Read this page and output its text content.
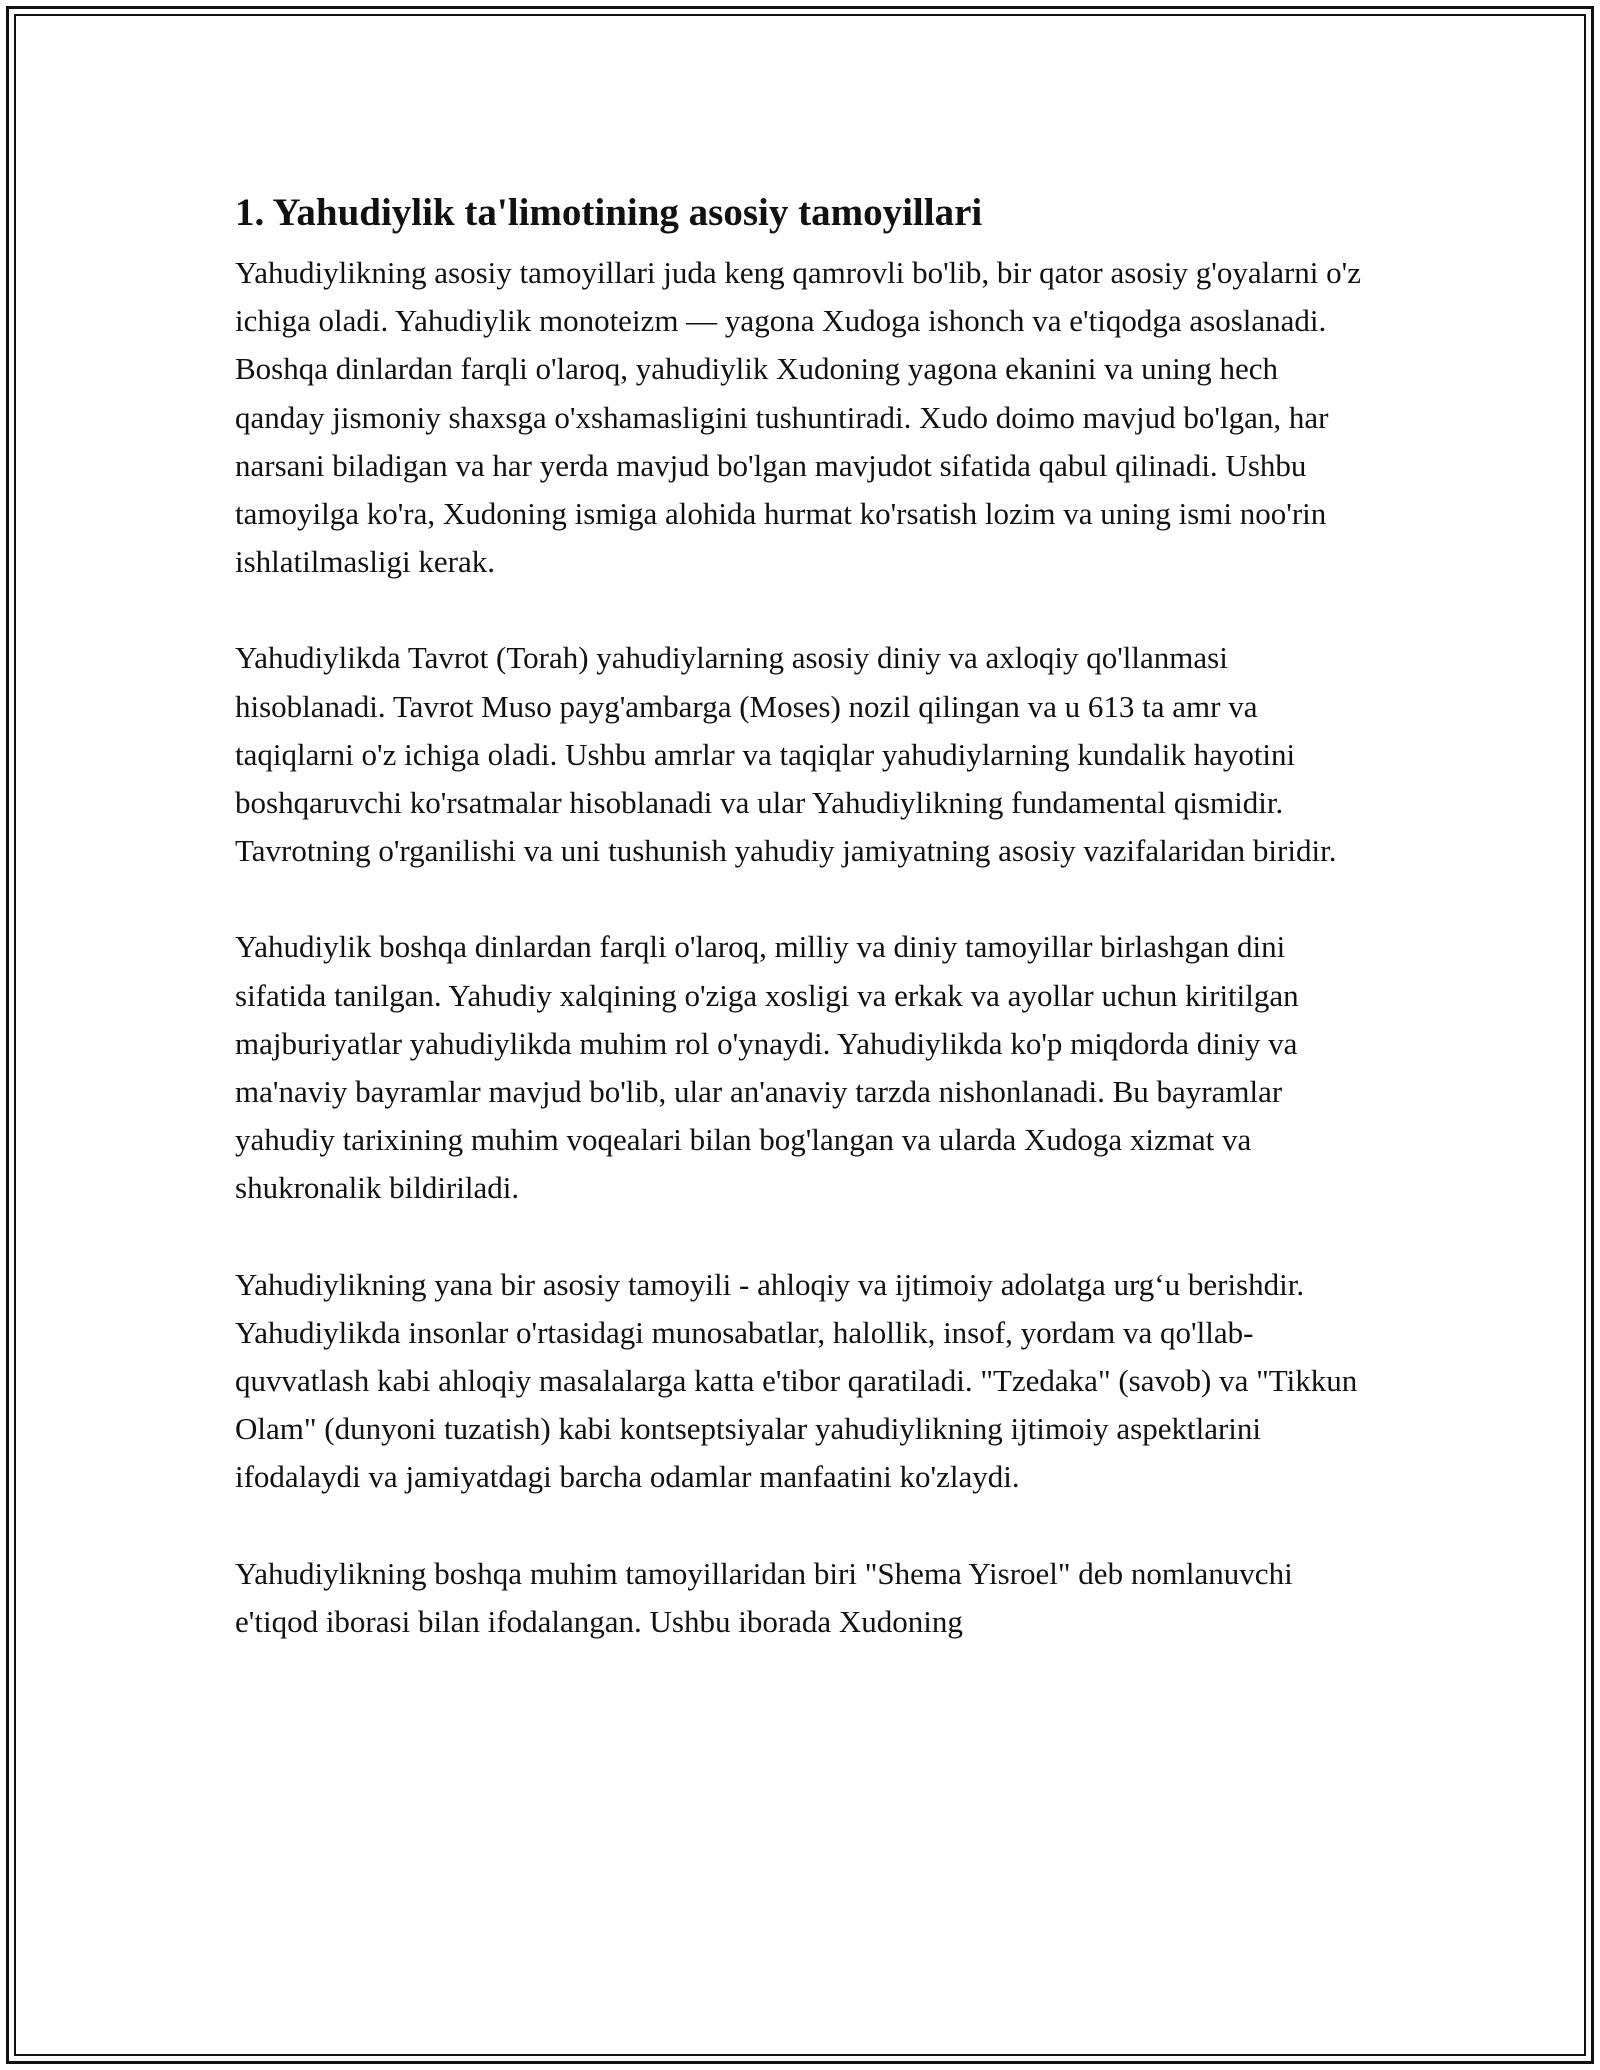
1. Yahudiylik ta'limotining asosiy tamoyillari

Yahudiylikning asosiy tamoyillari juda keng qamrovli bo'lib, bir qator asosiy g'oyalarni o'z ichiga oladi. Yahudiylik monoteizm — yagona Xudoga ishonch va e'tiqodga asoslanadi. Boshqa dinlardan farqli o'laroq, yahudiylik Xudoning yagona ekanini va uning hech qanday jismoniy shaxsga o'xshamasligini tushuntiradi. Xudo doimo mavjud bo'lgan, har narsani biladigan va har yerda mavjud bo'lgan mavjudot sifatida qabul qilinadi. Ushbu tamoyilga ko'ra, Xudoning ismiga alohida hurmat ko'rsatish lozim va uning ismi noo'rin ishlatilmasligi kerak.

Yahudiylikda Tavrot (Torah) yahudiylarning asosiy diniy va axloqiy qo'llanmasi hisoblanadi. Tavrot Muso payg'ambarga (Moses) nozil qilingan va u 613 ta amr va taqiqlarni o'z ichiga oladi. Ushbu amrlar va taqiqlar yahudiylarning kundalik hayotini boshqaruvchi ko'rsatmalar hisoblanadi va ular Yahudiylikning fundamental qismidir. Tavrotning o'rganilishi va uni tushunish yahudiy jamiyatning asosiy vazifalaridan biridir.

Yahudiylik boshqa dinlardan farqli o'laroq, milliy va diniy tamoyillar birlashgan dini sifatida tanilgan. Yahudiy xalqining o'ziga xosligi va erkak va ayollar uchun kiritilgan majburiyatlar yahudiylikda muhim rol o'ynaydi. Yahudiylikda ko'p miqdorda diniy va ma'naviy bayramlar mavjud bo'lib, ular an'anaviy tarzda nishonlanadi. Bu bayramlar yahudiy tarixining muhim voqealari bilan bog'langan va ularda Xudoga xizmat va shukronalik bildiriladi.

Yahudiylikning yana bir asosiy tamoyili - ahloqiy va ijtimoiy adolatga urg‘u berishdir. Yahudiylikda insonlar o'rtasidagi munosabatlar, halollik, insof, yordam va qo'llab-quvvatlash kabi ahloqiy masalalarga katta e'tibor qaratiladi. "Tzedaka" (savob) va "Tikkun Olam" (dunyoni tuzatish) kabi kontseptsiyalar yahudiylikning ijtimoiy aspektlarini ifodalaydi va jamiyatdagi barcha odamlar manfaatini ko'zlaydi.

Yahudiylikning boshqa muhim tamoyillaridan biri "Shema Yisroel" deb nomlanuvchi e'tiqod iborasi bilan ifodalangan. Ushbu iborada Xudoning
